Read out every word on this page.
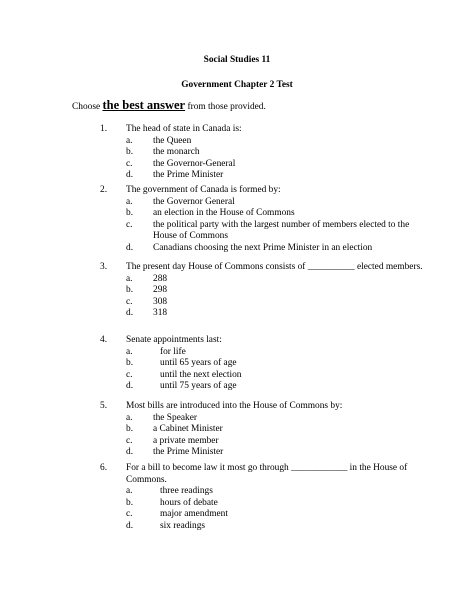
Social Studies 11
Government Chapter 2 Test
Choose the best answer from those provided.
1. The head of state in Canada is:
a. the Queen
b. the monarch
c. the Governor-General
d. the Prime Minister
2. The government of Canada is formed by:
a. the Governor General
b. an election in the House of Commons
c. the political party with the largest number of members elected to the House of Commons
d. Canadians choosing the next Prime Minister in an election
3. The present day House of Commons consists of __________ elected members.
a. 288
b. 298
c. 308
d. 318
4. Senate appointments last:
a.	for life
b.	until 65 years of age
c.	until the next election
d.	until 75 years of age
5. Most bills are introduced into the House of Commons by:
a. the Speaker
b. a Cabinet Minister
c. a private member
d. the Prime Minister
6. For a bill to become law it most go through ____________ in the House of Commons.
a.	three readings
b.	hours of debate
c.	major amendment
d.	six readings
